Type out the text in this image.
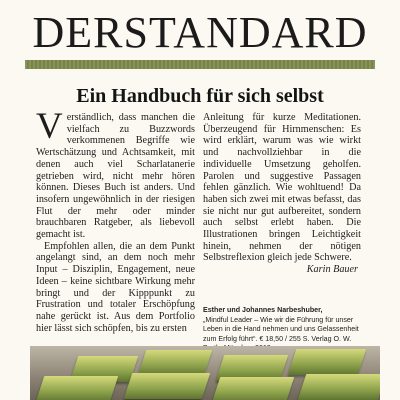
DERSTANDARD
Ein Handbuch für sich selbst

Verständlich, dass manchen die vielfach zu Buzzwords verkommenen Begriffe wie Wertschätzung und Achtsamkeit, mit denen auch viel Scharlatanerie getrieben wird, nicht mehr hören können. Dieses Buch ist anders. Und insofern ungewöhnlich in der riesigen Flut der mehr oder minder brauchbaren Ratgeber, als liebevoll gemacht ist.

Empfohlen allen, die an dem Punkt angelangt sind, an dem noch mehr Input – Disziplin, Engagement, neue Ideen – keine sichtbare Wirkung mehr bringt und der Kipppunkt zu Frustration und totaler Erschöpfung nahe gerückt ist. Aus dem Portfolio hier lässt sich schöpfen, bis zu ersten

Anleitung für kurze Meditationen. Überzeugend für Hirnmenschen: Es wird erklärt, warum was wie wirkt und nachvollziehbar in die individuelle Umsetzung geholfen. Parolen und suggestive Passagen fehlen gänzlich. Wie wohltuend! Da haben sich zwei mit etwas befasst, das sie nicht nur gut aufbereitet, sondern auch selbst erlebt haben. Die Illustrationen bringen Leichtigkeit hinein, nehmen der nötigen Selbstreflexion gleich jede Schwere.
Karin Bauer

Esther und Johannes Narbeshuber,
„Mindful Leader – Wie wir die Führung für unser Leben in die Hand nehmen und uns Gelassenheit zum Erfolg führt“. € 18,50 / 255 S. Verlag O. W.
